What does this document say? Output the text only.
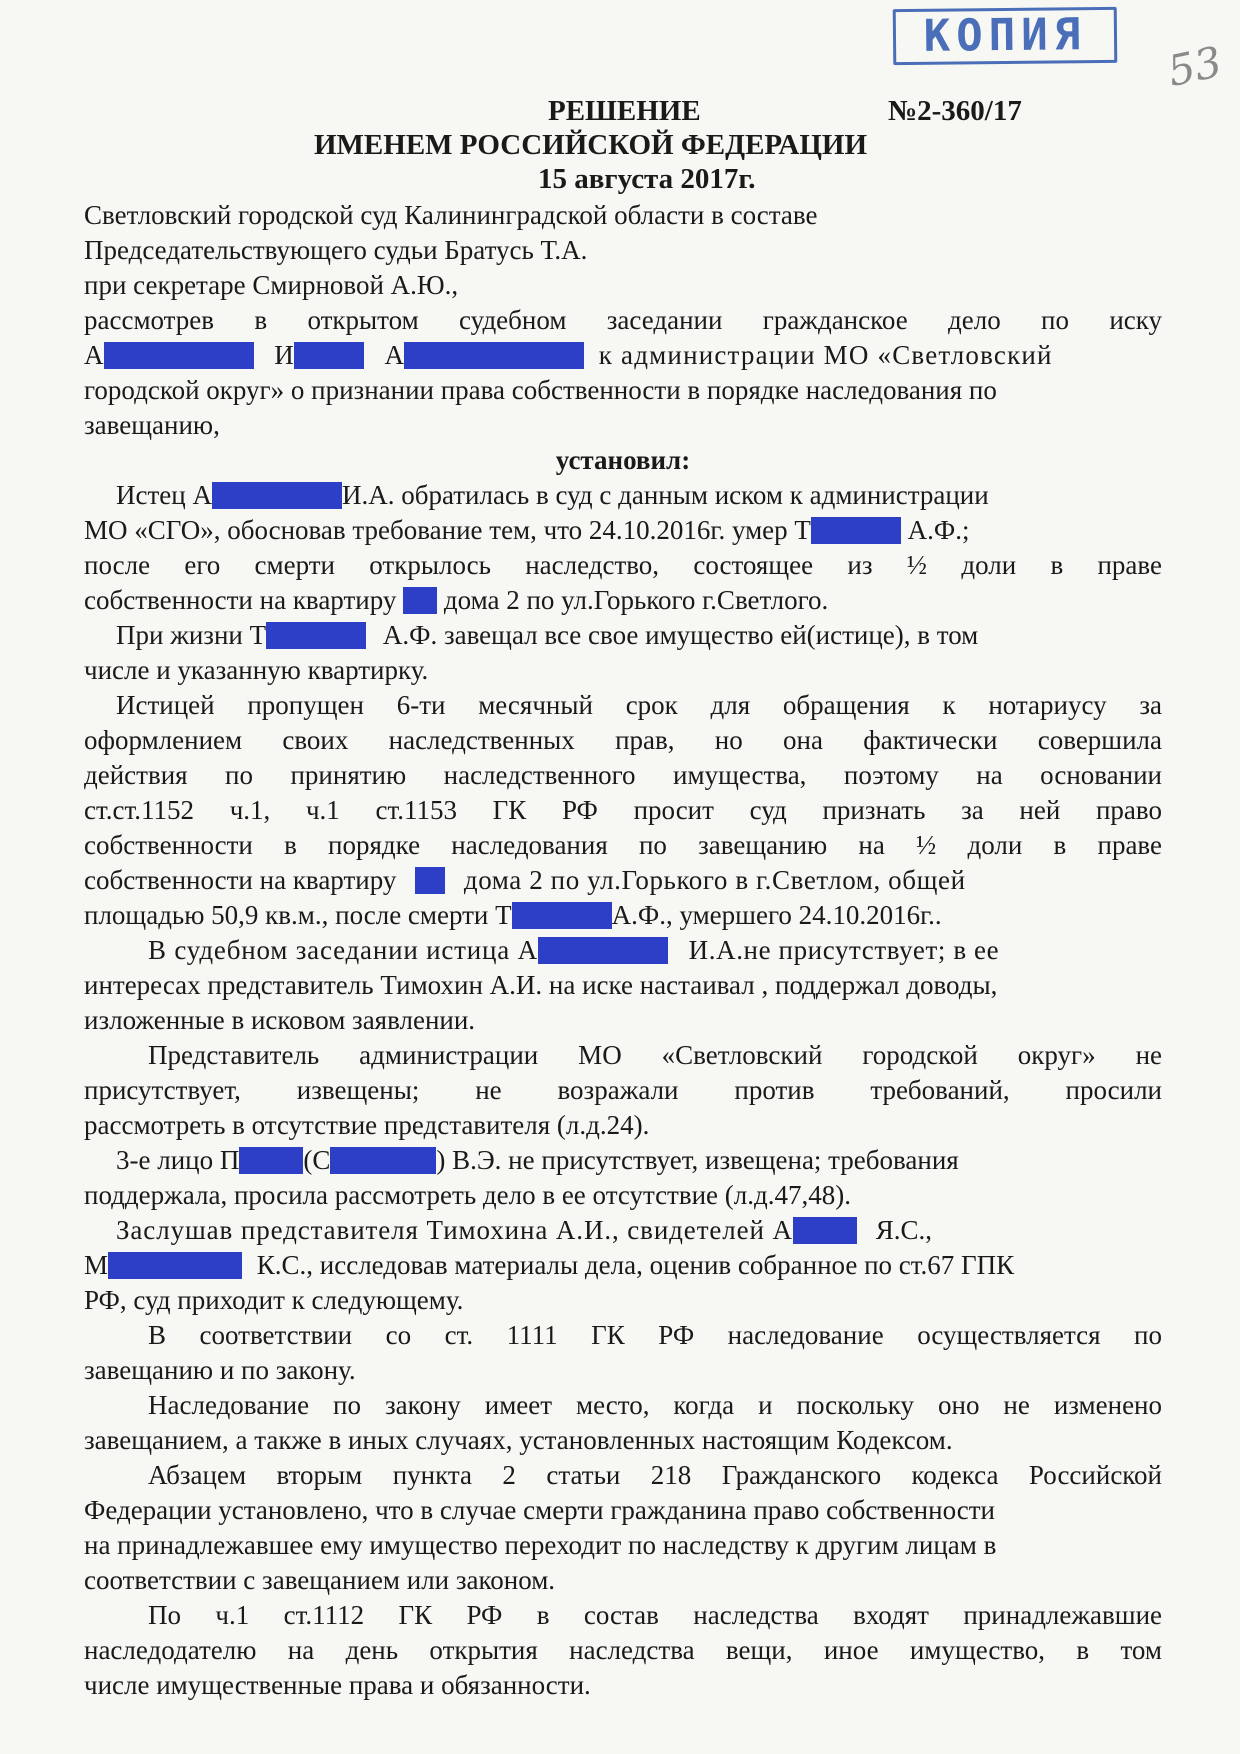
КОПИЯ
53
РЕШЕНИЕ	№2-360/17
ИМЕНЕМ РОССИЙСКОЙ ФЕДЕРАЦИИ
15 августа 2017г.
Светловский городской суд Калининградской области в составе
Председательствующего судьи Братусь Т.А.
при секретаре Смирновой А.Ю.,
рассмотрев в открытом судебном заседании гражданское дело по иску
А	И	А	к администрации МО «Светловский
городской округ» о признании права собственности в порядке наследования по
завещанию,
установил:
Истец А	И.А. обратилась в суд с данным иском к администрации
МО «СГО», обосновав требование тем, что 24.10.2016г. умер Т	А.Ф.;
после его смерти открылось наследство, состоящее из ½ доли в праве
собственности на квартиру дома 2 по ул.Горького г.Светлого.
При жизни Т	А.Ф. завещал все свое имущество ей(истице), в том
числе и указанную квартирку.
Истицей пропущен 6-ти месячный срок для обращения к нотариусу за
оформлением своих наследственных прав, но она фактически совершила
действия по принятию наследственного имущества, поэтому на основании
ст.ст.1152 ч.1, ч.1 ст.1153 ГК РФ просит суд признать за ней право
собственности в порядке наследования по завещанию на ½ доли в праве
собственности на квартиру	дома 2 по ул.Горького в г.Светлом, общей
площадью 50,9 кв.м., после смерти Т	А.Ф., умершего 24.10.2016г..
В судебном заседании истица А	И.А.не присутствует; в ее
интересах представитель Тимохин А.И. на иске настаивал , поддержал доводы,
изложенные в исковом заявлении.
Представитель администрации МО «Светловский городской округ» не
присутствует, извещены; не возражали против требований, просили
рассмотреть в отсутствие представителя (л.д.24).
3-е лицо П (С	) В.Э. не присутствует, извещена; требования
поддержала, просила рассмотреть дело в ее отсутствие (л.д.47,48).
Заслушав представителя Тимохина А.И., свидетелей А	Я.С.,
М	К.С., исследовав материалы дела, оценив собранное по ст.67 ГПК
РФ, суд приходит к следующему.
В соответствии со ст. 1111 ГК РФ наследование осуществляется по
завещанию и по закону.
Наследование по закону имеет место, когда и поскольку оно не изменено
завещанием, а также в иных случаях, установленных настоящим Кодексом.
Абзацем вторым пункта 2 статьи 218 Гражданского кодекса Российской
Федерации установлено, что в случае смерти гражданина право собственности
на принадлежавшее ему имущество переходит по наследству к другим лицам в
соответствии с завещанием или законом.
По ч.1 ст.1112 ГК РФ в состав наследства входят принадлежавшие
наследодателю на день открытия наследства вещи, иное имущество, в том
числе имущественные права и обязанности.
